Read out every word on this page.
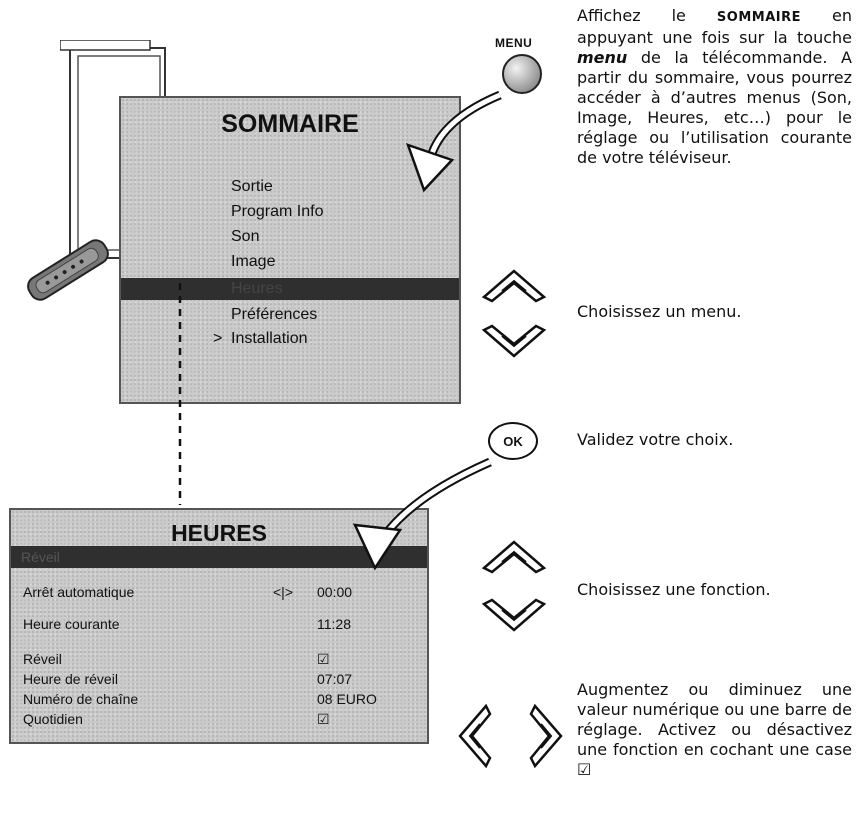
SOMMAIRE
Sortie
Program Info
Son
Image
Heures
Préférences
> Installation
HEURES
Réveil
Arrêt automatique	<|> 00:00
Heure courante	11:28
Réveil	☑
Heure de réveil	07:07
Numéro de chaîne	08 EURO
Quotidien	☑
MENU
OK
Affichez le SOMMAIRE en appuyant une fois sur la touche menu de la télécommande. A partir du sommaire, vous pourrez accéder à d’autres menus (Son, Image, Heures, etc…) pour le réglage ou l’utilisation courante de votre téléviseur.
Choisissez un menu.
Validez votre choix.
Choisissez une fonction.
Augmentez ou diminuez une valeur numérique ou une barre de réglage. Activez ou désactivez une fonction en cochant une case ☑
